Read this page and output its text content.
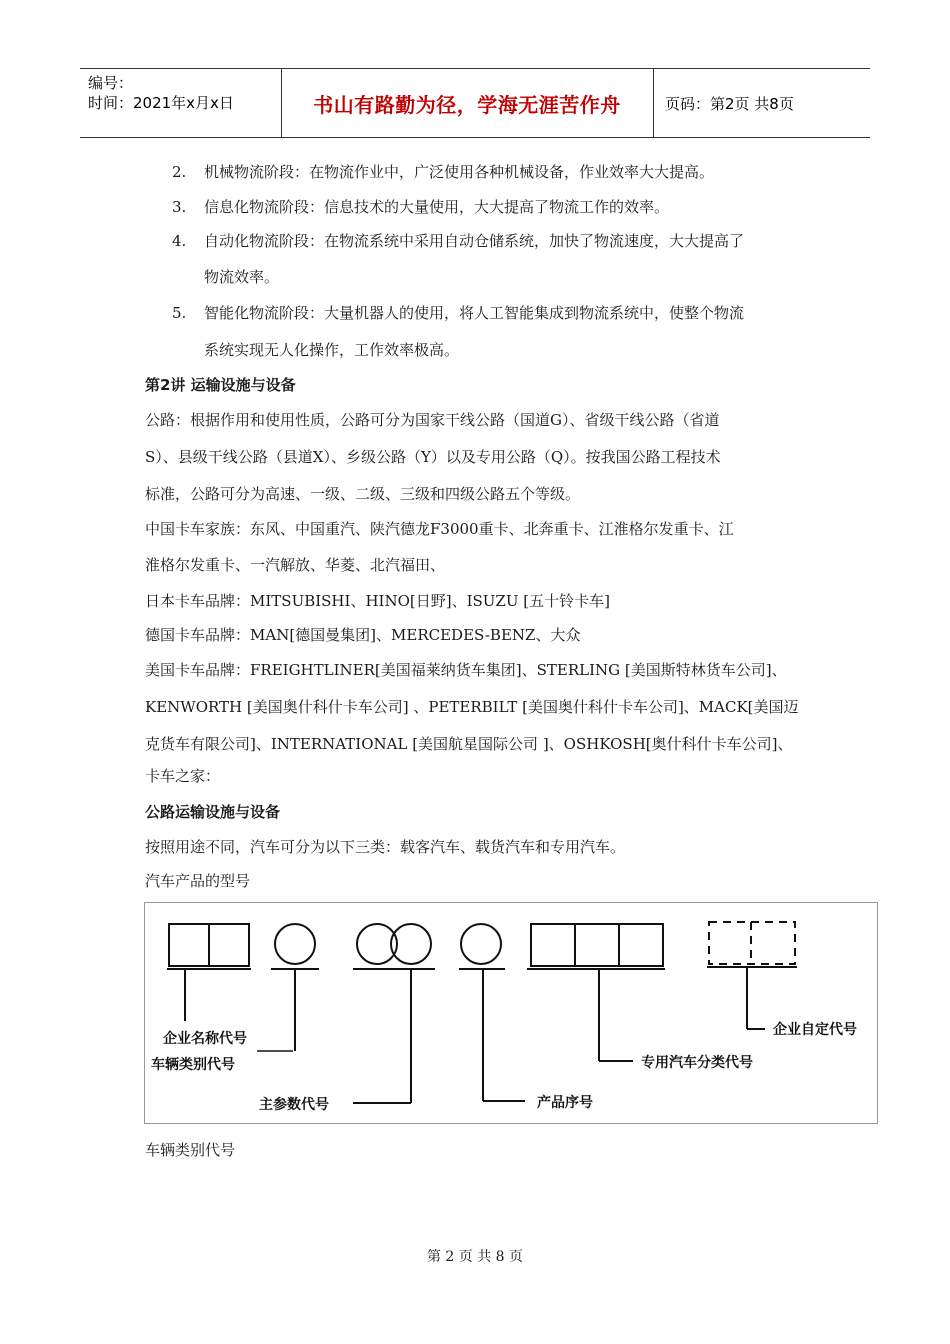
编号：
时间：2021年x月x日	书山有路勤为径，学海无涯苦作舟	页码：第2页 共8页
2. 机械物流阶段：在物流作业中，广泛使用各种机械设备，作业效率大大提高。
3. 信息化物流阶段：信息技术的大量使用，大大提高了物流工作的效率。
4. 自动化物流阶段：在物流系统中采用自动仓储系统，加快了物流速度，大大提高了
物流效率。
5. 智能化物流阶段：大量机器人的使用，将人工智能集成到物流系统中，使整个物流
系统实现无人化操作，工作效率极高。
第2讲 运输设施与设备
公路：根据作用和使用性质，公路可分为国家干线公路（国道G）、省级干线公路（省道
S）、县级干线公路（县道X）、乡级公路（Y）以及专用公路（Q）。按我国公路工程技术
标准，公路可分为高速、一级、二级、三级和四级公路五个等级。
中国卡车家族：东风、中国重汽、陕汽德龙F3000重卡、北奔重卡、江淮格尔发重卡、江
淮格尔发重卡、一汽解放、华菱、北汽福田、
日本卡车品牌：MITSUBISHI、HINO[日野]、ISUZU [五十铃卡车]
德国卡车品牌：MAN[德国曼集团]、MERCEDES-BENZ、大众
美国卡车品牌：FREIGHTLINER[美国福莱纳货车集团]、STERLING [美国斯特林货车公司]、
KENWORTH [美国奥什科什卡车公司] 、PETERBILT [美国奥什科什卡车公司]、MACK[美国迈
克货车有限公司]、INTERNATIONAL [美国航星国际公司 ]、OSHKOSH[奥什科什卡车公司]、
卡车之家：
公路运输设施与设备
按照用途不同，汽车可分为以下三类：载客汽车、载货汽车和专用汽车。
汽车产品的型号
企业名称代号
车辆类别代号
主参数代号	产品序号
专用汽车分类代号
企业自定代号
车辆类别代号
第 2 页 共 8 页
